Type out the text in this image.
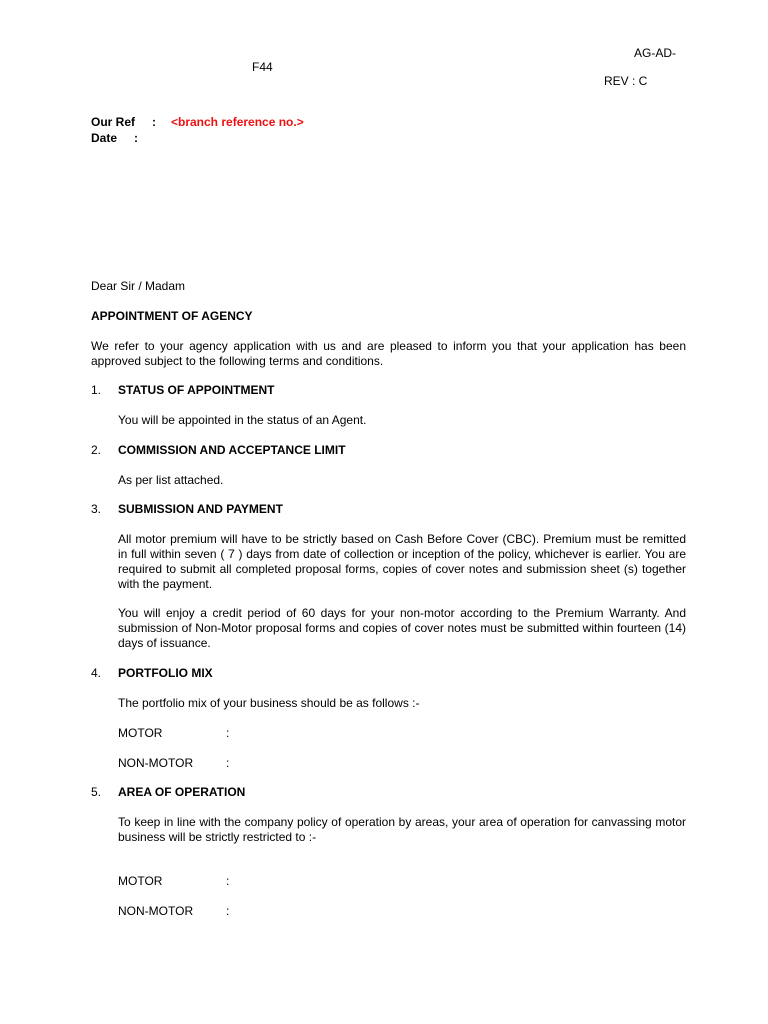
AG-AD-
F44
REV : C
Our Ref : <branch reference no.>
Date :
Dear Sir / Madam
APPOINTMENT OF AGENCY
We refer to your agency application with us and are pleased to inform you that your application has been approved subject to the following terms and conditions.
1. STATUS OF APPOINTMENT
You will be appointed in the status of an Agent.
2. COMMISSION AND ACCEPTANCE LIMIT
As per list attached.
3. SUBMISSION AND PAYMENT
All motor premium will have to be strictly based on Cash Before Cover (CBC). Premium must be remitted in full within seven ( 7 ) days from date of collection or inception of the policy, whichever is earlier. You are required to submit all completed proposal forms, copies of cover notes and submission sheet (s) together with the payment.
You will enjoy a credit period of 60 days for your non-motor according to the Premium Warranty. And submission of Non-Motor proposal forms and copies of cover notes must be submitted within fourteen (14) days of issuance.
4. PORTFOLIO MIX
The portfolio mix of your business should be as follows :-
MOTOR	:
NON-MOTOR	:
5. AREA OF OPERATION
To keep in line with the company policy of operation by areas, your area of operation for canvassing motor business will be strictly restricted to :-
MOTOR	:
NON-MOTOR	:
